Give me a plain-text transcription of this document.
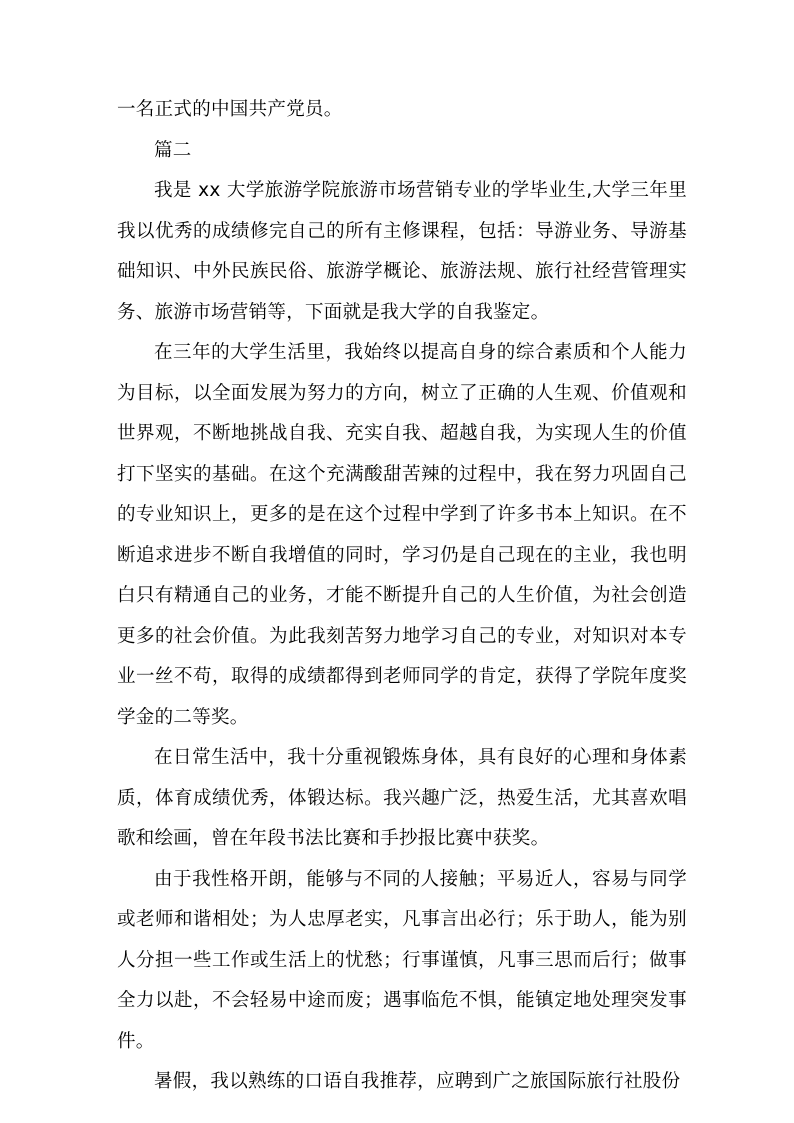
一名正式的中国共产党员。

篇二

我是 xx 大学旅游学院旅游市场营销专业的学毕业生,大学三年里我以优秀的成绩修完自己的所有主修课程，包括：导游业务、导游基础知识、中外民族民俗、旅游学概论、旅游法规、旅行社经营管理实务、旅游市场营销等，下面就是我大学的自我鉴定。

在三年的大学生活里，我始终以提高自身的综合素质和个人能力为目标，以全面发展为努力的方向，树立了正确的人生观、价值观和世界观，不断地挑战自我、充实自我、超越自我，为实现人生的价值打下坚实的基础。在这个充满酸甜苦辣的过程中，我在努力巩固自己的专业知识上，更多的是在这个过程中学到了许多书本上知识。在不断追求进步不断自我增值的同时，学习仍是自己现在的主业，我也明白只有精通自己的业务，才能不断提升自己的人生价值，为社会创造更多的社会价值。为此我刻苦努力地学习自己的专业，对知识对本专业一丝不苟，取得的成绩都得到老师同学的肯定，获得了学院年度奖学金的二等奖。

在日常生活中，我十分重视锻炼身体，具有良好的心理和身体素质，体育成绩优秀，体锻达标。我兴趣广泛，热爱生活，尤其喜欢唱歌和绘画，曾在年段书法比赛和手抄报比赛中获奖。

由于我性格开朗，能够与不同的人接触；平易近人，容易与同学或老师和谐相处；为人忠厚老实，凡事言出必行；乐于助人，能为别人分担一些工作或生活上的忧愁；行事谨慎，凡事三思而后行；做事全力以赴，不会轻易中途而废；遇事临危不惧，能镇定地处理突发事件。

暑假，我以熟练的口语自我推荐，应聘到广之旅国际旅行社股份
